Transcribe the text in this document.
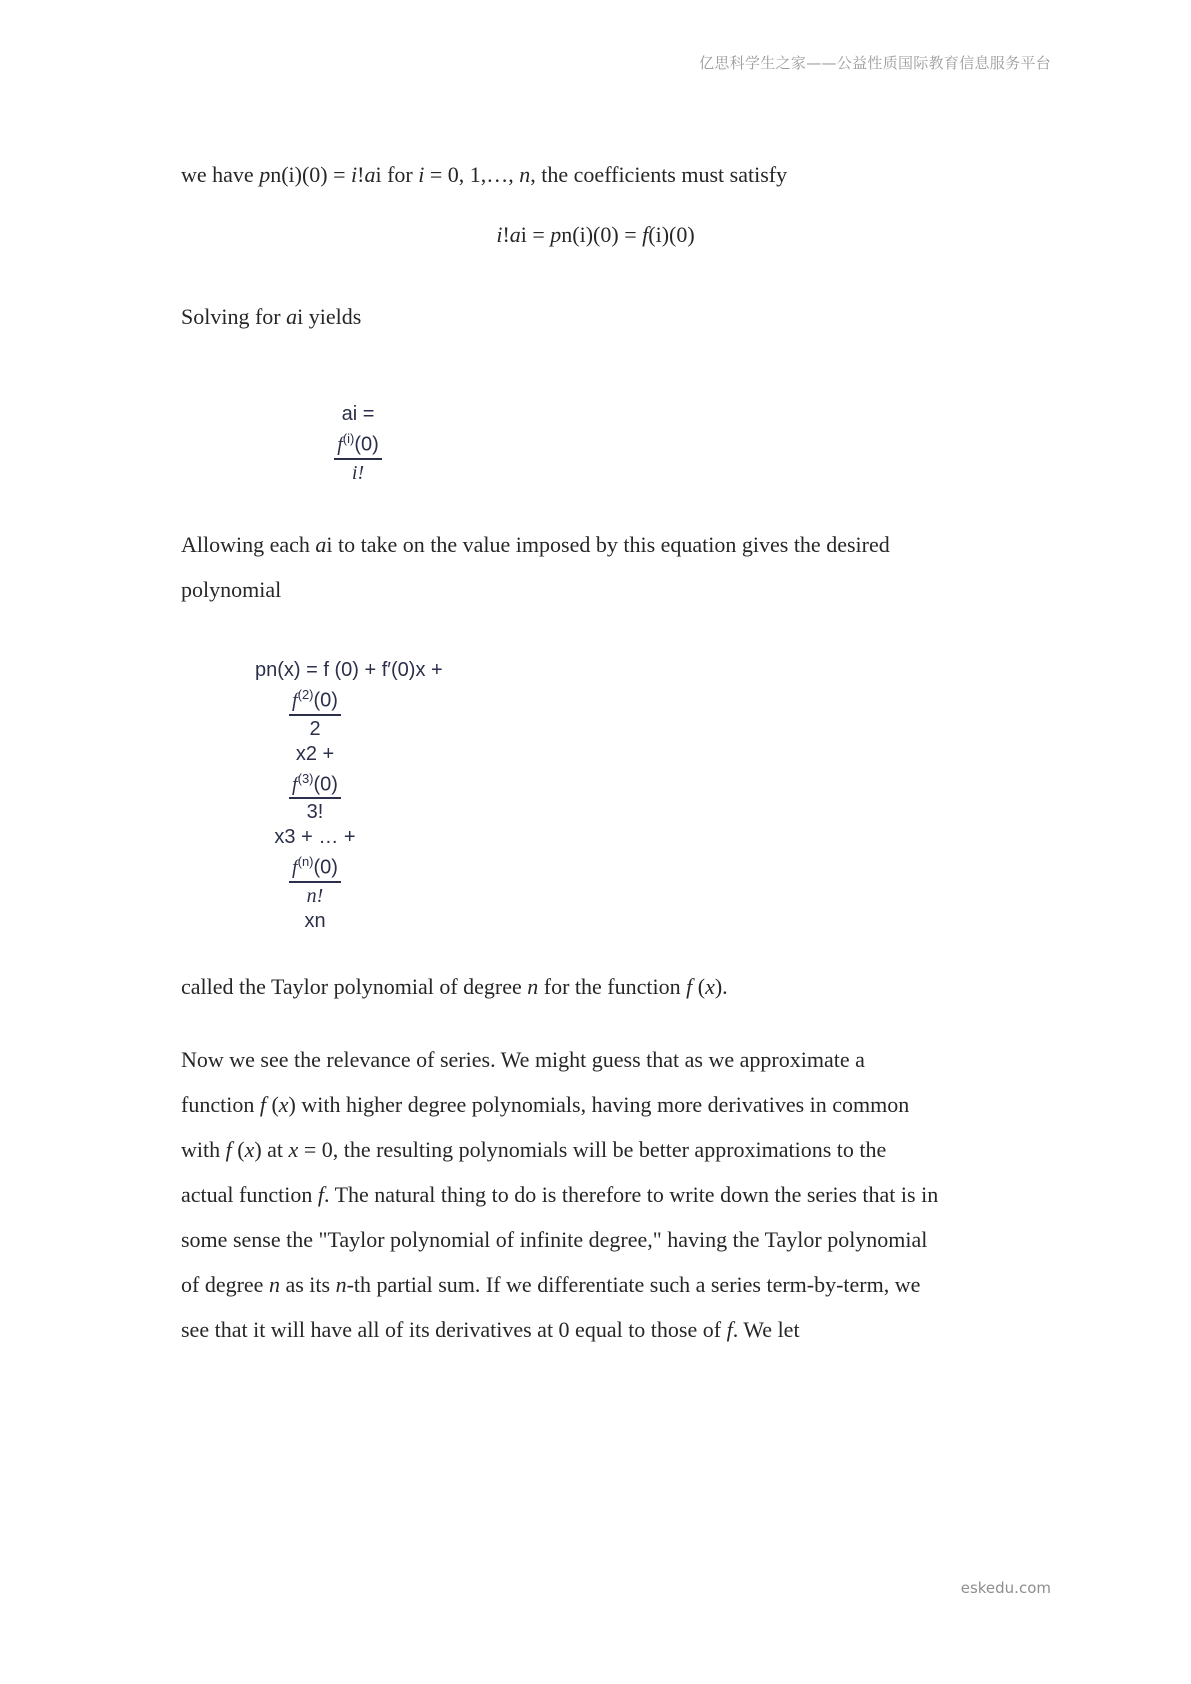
亿思科学生之家——公益性质国际教育信息服务平台
we have pn(i)(0) = i!ai for i = 0, 1,…, n, the coefficients must satisfy
i!ai = pn(i)(0) = f(i)(0)
Solving for ai yields
ai =
$\frac{f^{(i)}(0)}{i!}$
Allowing each ai to take on the value imposed by this equation gives the desired
polynomial
pn(x) = f (0) + f′(0)x +
$\frac{f^{(2)}(0)}{2}$
x2 +
$\frac{f^{(3)}(0)}{3!}$
x3 + … +
$\frac{f^{(n)}(0)}{n!}$
xn
called the Taylor polynomial of degree n for the function f (x).
Now we see the relevance of series. We might guess that as we approximate a
function f (x) with higher degree polynomials, having more derivatives in common
with f (x) at x = 0, the resulting polynomials will be better approximations to the
actual function f. The natural thing to do is therefore to write down the series that is in
some sense the "Taylor polynomial of infinite degree," having the Taylor polynomial
of degree n as its n-th partial sum. If we differentiate such a series term-by-term, we
see that it will have all of its derivatives at 0 equal to those of f. We let
eskedu.com
